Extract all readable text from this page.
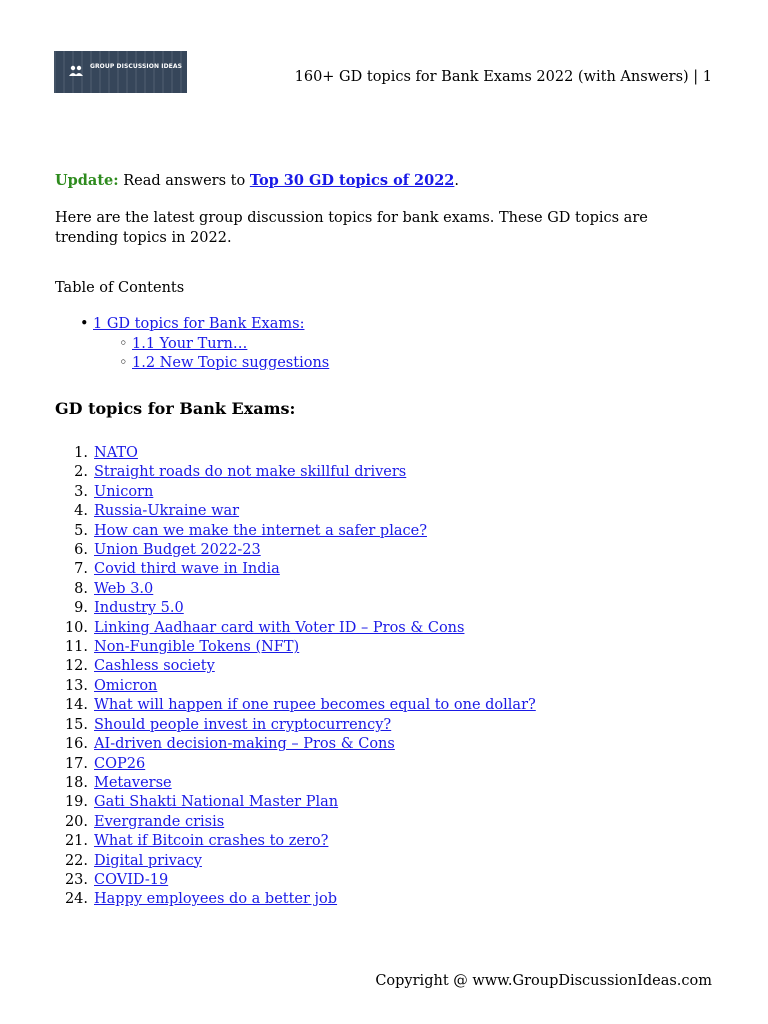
GROUP DISCUSSION IDEAS
160+ GD topics for Bank Exams 2022 (with Answers) | 1
Update: Read answers to Top 30 GD topics of 2022.
Here are the latest group discussion topics for bank exams. These GD topics are trending topics in 2022.
Table of Contents
• 1 GD topics for Bank Exams:
◦ 1.1 Your Turn…
◦ 1.2 New Topic suggestions
GD topics for Bank Exams:
1. NATO
2. Straight roads do not make skillful drivers
3. Unicorn
4. Russia-Ukraine war
5. How can we make the internet a safer place?
6. Union Budget 2022-23
7. Covid third wave in India
8. Web 3.0
9. Industry 5.0
10. Linking Aadhaar card with Voter ID – Pros & Cons
11. Non-Fungible Tokens (NFT)
12. Cashless society
13. Omicron
14. What will happen if one rupee becomes equal to one dollar?
15. Should people invest in cryptocurrency?
16. AI-driven decision-making – Pros & Cons
17. COP26
18. Metaverse
19. Gati Shakti National Master Plan
20. Evergrande crisis
21. What if Bitcoin crashes to zero?
22. Digital privacy
23. COVID-19
24. Happy employees do a better job
Copyright @ www.GroupDiscussionIdeas.com
